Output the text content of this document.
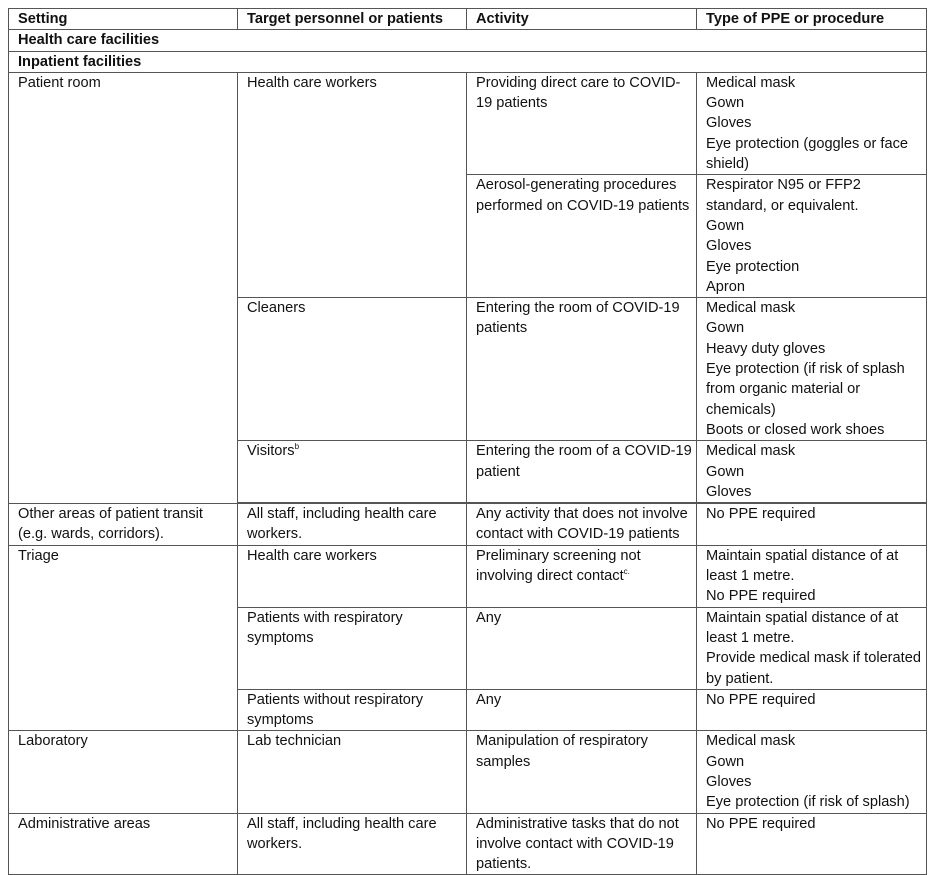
Setting	Target personnel or patients	Activity	Type of PPE or procedure
Health care facilities			
Inpatient facilities			
Patient room	Health care workers	Providing direct care to COVID-19 patients	Medical mask
Gown
Gloves
Eye protection (goggles or face shield)
		Aerosol-generating procedures performed on COVID-19 patients	Respirator N95 or FFP2 standard, or equivalent.
Gown
Gloves
Eye protection
Apron
	Cleaners	Entering the room of COVID-19 patients	Medical mask
Gown
Heavy duty gloves
Eye protection (if risk of splash from organic material or chemicals)
Boots or closed work shoes
	Visitors$^b$	Entering the room of a COVID-19 patient	Medical mask
Gown
Gloves

Other areas of patient transit (e.g. wards, corridors).	All staff, including health care workers.	Any activity that does not involve contact with COVID-19 patients	No PPE required
Triage	Health care workers	Preliminary screening not involving direct contact$^{c.}$	Maintain spatial distance of at least 1 metre.
No PPE required
	Patients with respiratory symptoms	Any	Maintain spatial distance of at least 1 metre.
Provide medical mask if tolerated by patient.
	Patients without respiratory symptoms	Any	No PPE required
Laboratory	Lab technician	Manipulation of respiratory samples	Medical mask
Gown
Gloves
Eye protection (if risk of splash)
Administrative areas	All staff, including health care workers.	Administrative tasks that do not involve contact with COVID-19 patients.	No PPE required
